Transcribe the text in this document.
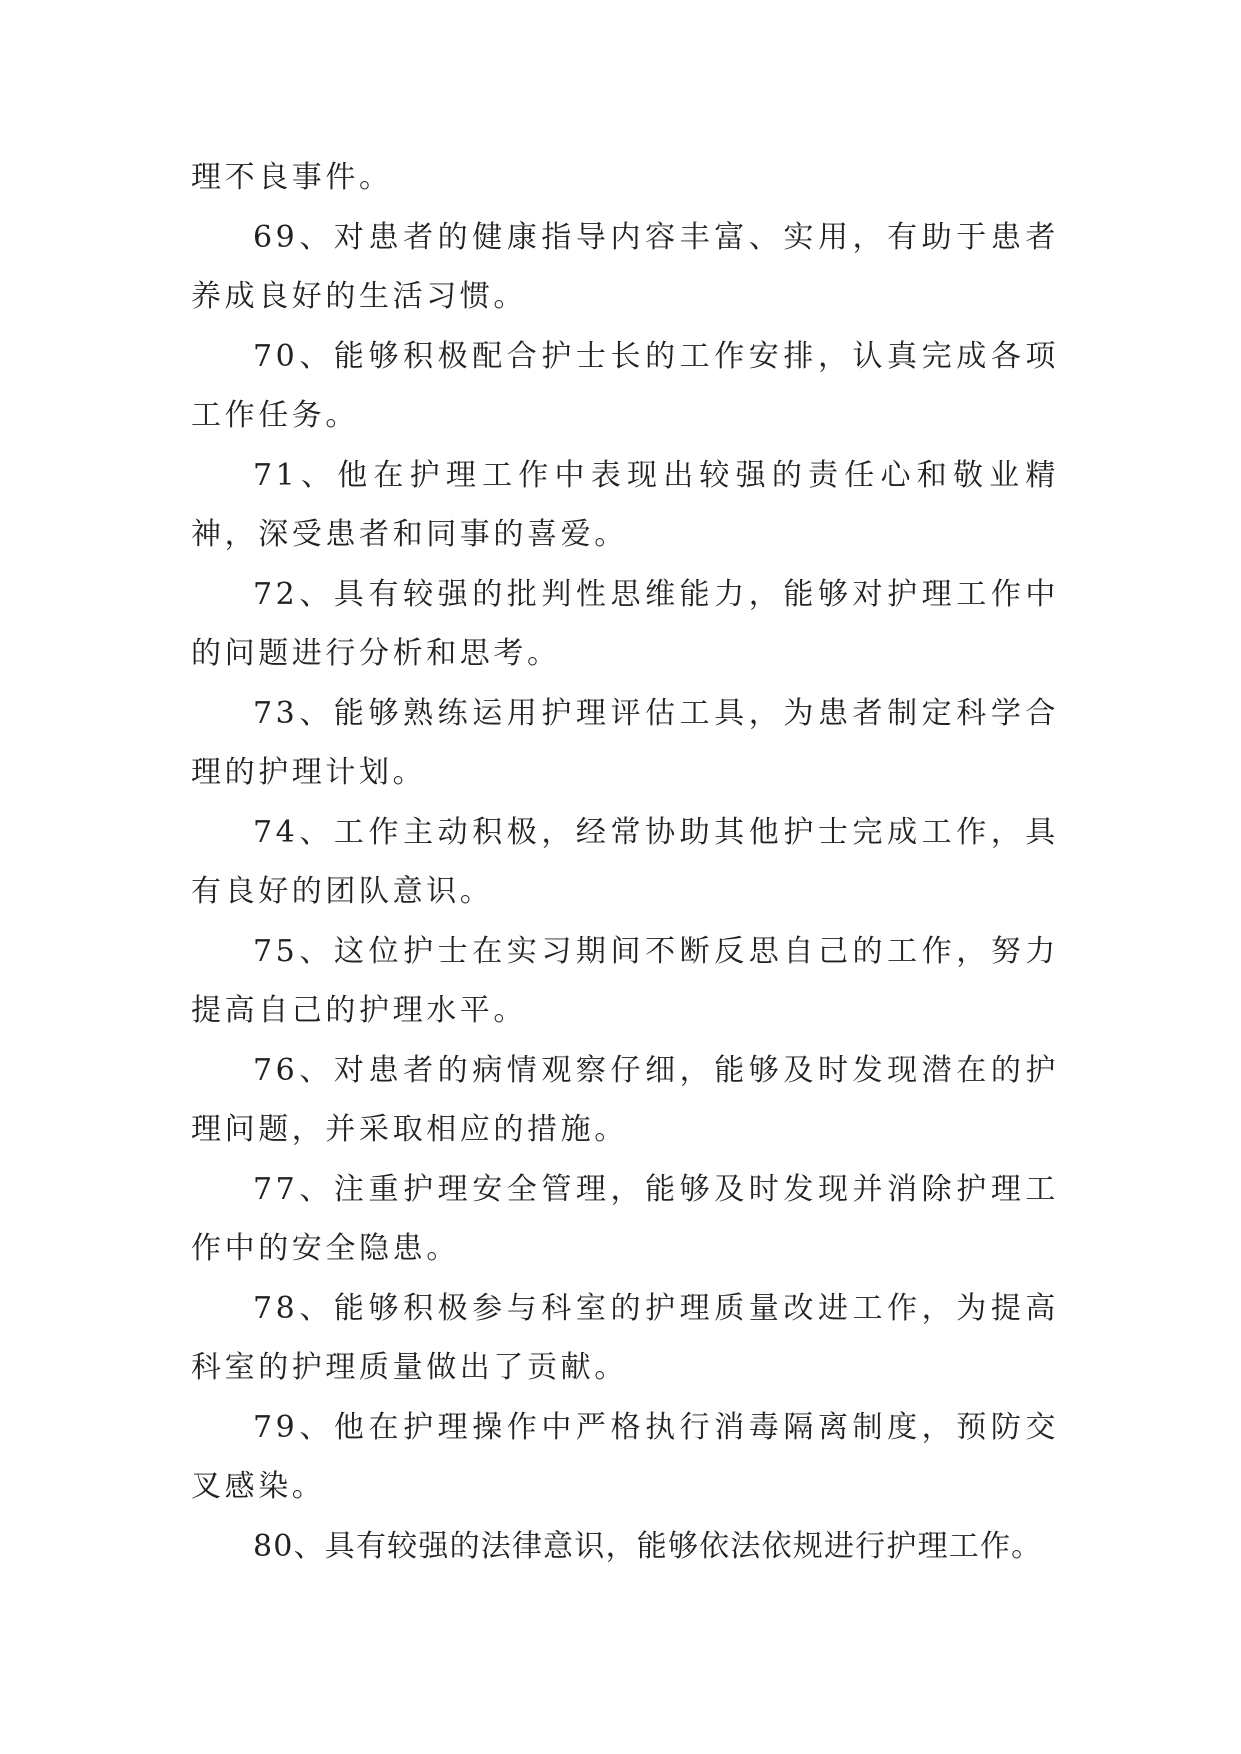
理不良事件。

69、对患者的健康指导内容丰富、实用，有助于患者养成良好的生活习惯。

70、能够积极配合护士长的工作安排，认真完成各项工作任务。

71、他在护理工作中表现出较强的责任心和敬业精神，深受患者和同事的喜爱。

72、具有较强的批判性思维能力，能够对护理工作中的问题进行分析和思考。

73、能够熟练运用护理评估工具，为患者制定科学合理的护理计划。

74、工作主动积极，经常协助其他护士完成工作，具有良好的团队意识。

75、这位护士在实习期间不断反思自己的工作，努力提高自己的护理水平。

76、对患者的病情观察仔细，能够及时发现潜在的护理问题，并采取相应的措施。

77、注重护理安全管理，能够及时发现并消除护理工作中的安全隐患。

78、能够积极参与科室的护理质量改进工作，为提高科室的护理质量做出了贡献。

79、他在护理操作中严格执行消毒隔离制度，预防交叉感染。

80、具有较强的法律意识，能够依法依规进行护理工作。
